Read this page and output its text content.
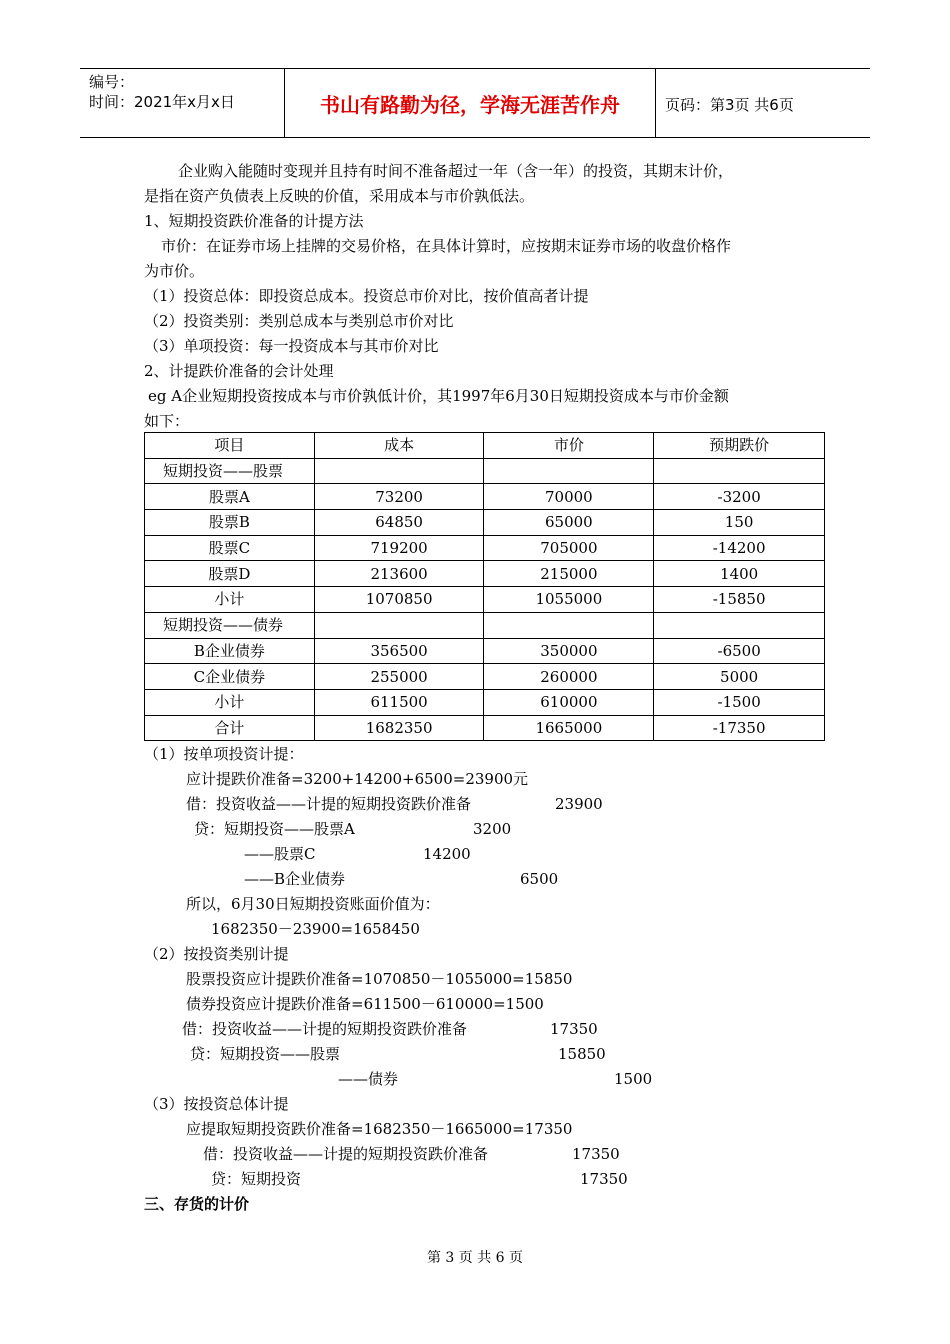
编号：
时间：2021年x月x日	书山有路勤为径，学海无涯苦作舟	页码：第3页 共6页
企业购入能随时变现并且持有时间不准备超过一年（含一年）的投资，其期末计价，
是指在资产负债表上反映的价值，采用成本与市价孰低法。
1、短期投资跌价准备的计提方法
市价：在证券市场上挂牌的交易价格，在具体计算时，应按期末证券市场的收盘价格作
为市价。
（1）投资总体：即投资总成本。投资总市价对比，按价值高者计提
（2）投资类别：类别总成本与类别总市价对比
（3）单项投资：每一投资成本与其市价对比
2、计提跌价准备的会计处理
eg A企业短期投资按成本与市价孰低计价，其1997年6月30日短期投资成本与市价金额
如下：
项目	成本	市价	预期跌价
短期投资——股票			
股票A	73200	70000	-3200
股票B	64850	65000	150
股票C	719200	705000	-14200
股票D	213600	215000	1400
小计	1070850	1055000	-15850
短期投资——债券			
B企业债券	356500	350000	-6500
C企业债券	255000	260000	5000
小计	611500	610000	-1500
合计	1682350	1665000	-17350
（1）按单项投资计提：
应计提跌价准备=3200+14200+6500=23900元
借：投资收益——计提的短期投资跌价准备	23900
贷：短期投资——股票A	3200
——股票C	14200
——B企业债券	6500
所以，6月30日短期投资账面价值为：
1682350－23900=1658450
（2）按投资类别计提
股票投资应计提跌价准备=1070850－1055000=15850
债券投资应计提跌价准备=611500－610000=1500
借：投资收益——计提的短期投资跌价准备	17350
贷：短期投资——股票	15850
——债券	1500
（3）按投资总体计提
应提取短期投资跌价准备=1682350－1665000=17350
借：投资收益——计提的短期投资跌价准备	17350
贷：短期投资	17350
三、存货的计价
第 3 页 共 6 页
